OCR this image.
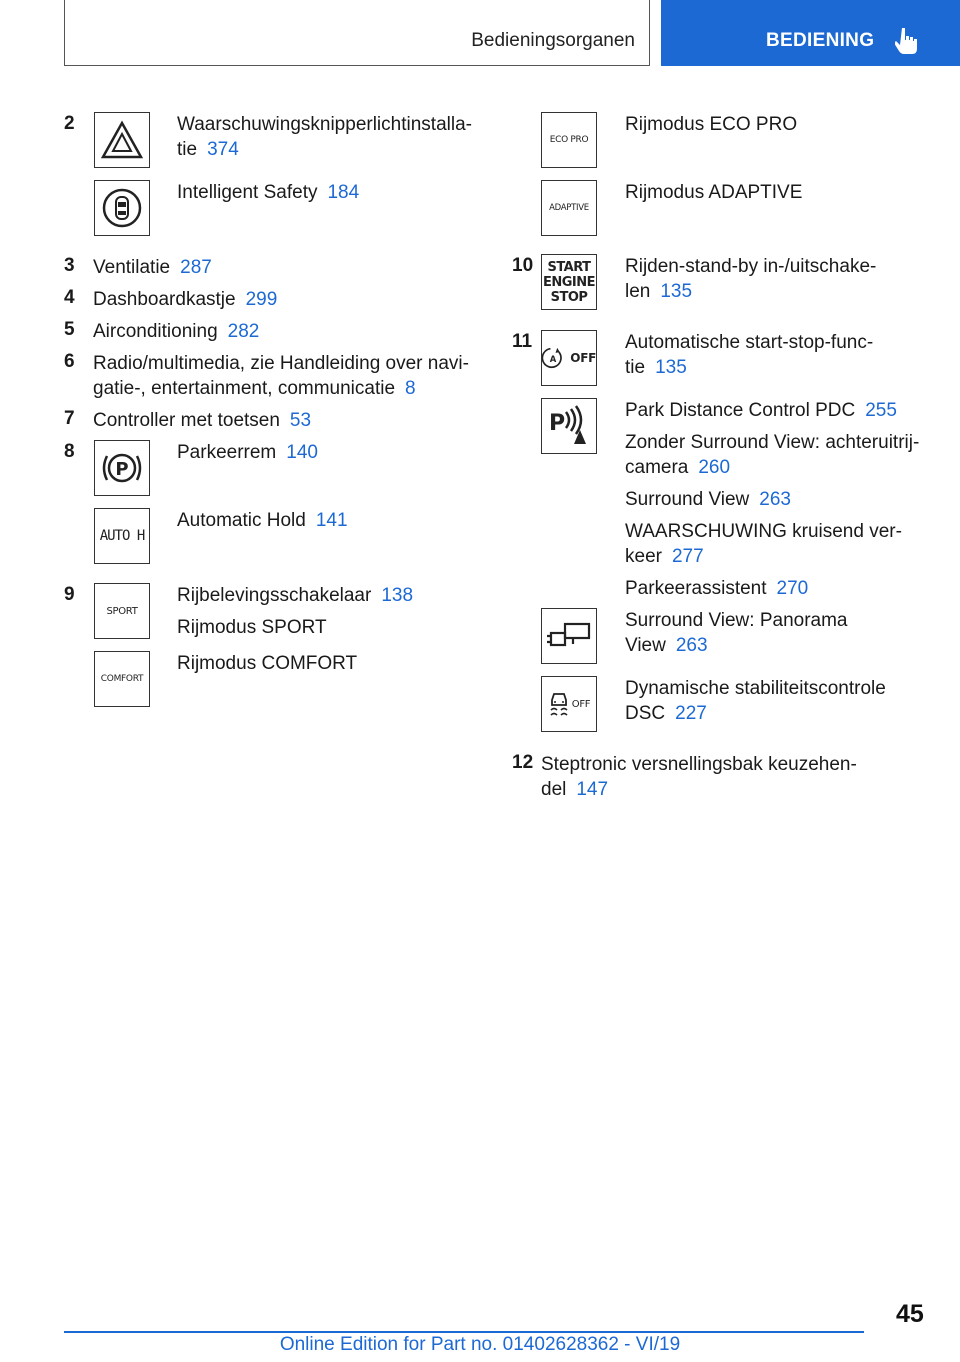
Bedieningsorganen	BEDIENING
2	Waarschuwingsknipperlichtinstalla-
tie 374
Intelligent Safety 184
3 Ventilatie 287
4 Dashboardkastje 299
5 Airconditioning 282
6 Radio/multimedia, zie Handleiding over navi-
gatie-, entertainment, communicatie 8
7 Controller met toetsen 53
8
P
Parkeerrem 140
AUTO H
Automatic Hold 141
9
SPORT
Rijbelevingsschakelaar 138
Rijmodus SPORT
COMFORT
Rijmodus COMFORT
ECO PRO
Rijmodus ECO PRO
ADAPTIVE
Rijmodus ADAPTIVE
10 START
ENGINE
STOP
Rijden-stand-by in-/uitschake-
len 135
11
A OFF
Automatische start-stop-func-
tie 135
P
Park Distance Control PDC 255
Zonder Surround View: achteruitrij-
camera 260
Surround View 263
WAARSCHUWING kruisend ver-
keer 277
Parkeerassistent 270
Surround View: Panorama
View 263
OFF
Dynamische stabiliteitscontrole
DSC 227
12 Steptronic versnellingsbak keuzehen-
del 147
45
Online Edition for Part no. 01402628362 - VI/19
